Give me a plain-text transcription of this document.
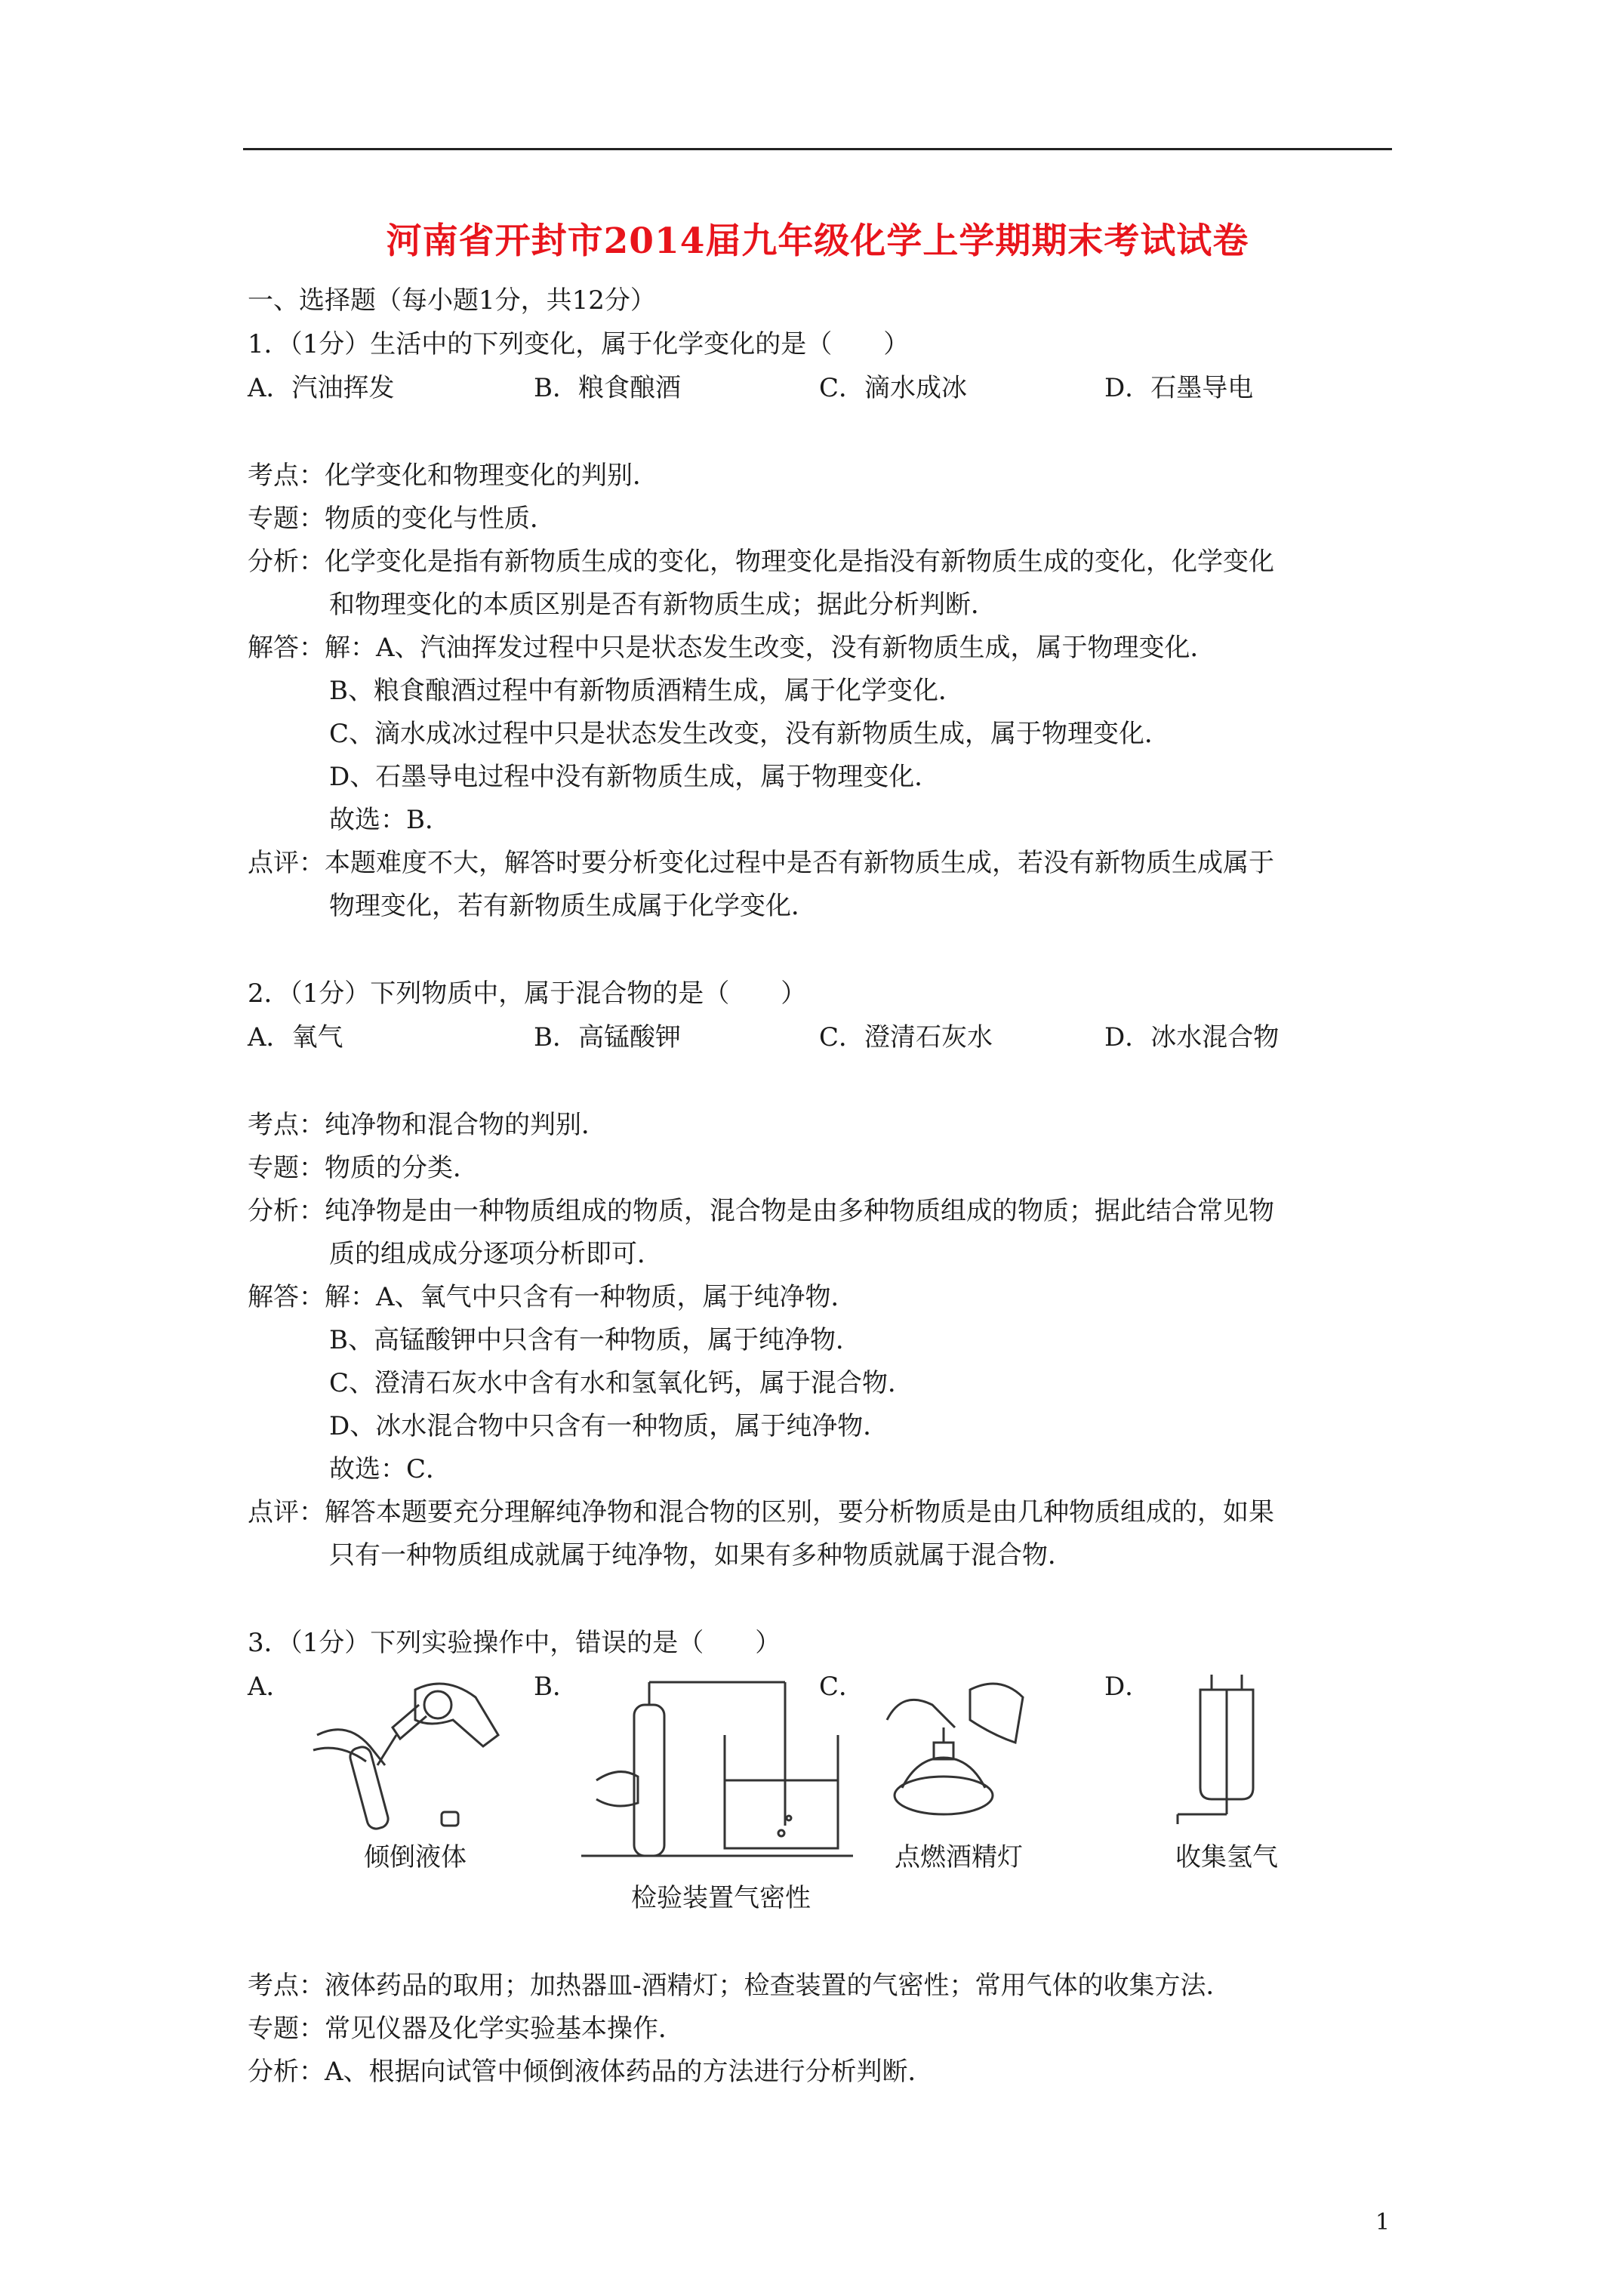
河南省开封市2014届九年级化学上学期期末考试试卷
一、选择题（每小题1分，共12分）
1．（1分）生活中的下列变化，属于化学变化的是（　　）
A．汽油挥发	B．粮食酿酒	C．滴水成冰	D．石墨导电
考点：化学变化和物理变化的判别．
专题：物质的变化与性质．
分析：化学变化是指有新物质生成的变化，物理变化是指没有新物质生成的变化，化学变化
和物理变化的本质区别是否有新物质生成；据此分析判断．
解答：解：A、汽油挥发过程中只是状态发生改变，没有新物质生成，属于物理变化．
B、粮食酿酒过程中有新物质酒精生成，属于化学变化．
C、滴水成冰过程中只是状态发生改变，没有新物质生成，属于物理变化．
D、石墨导电过程中没有新物质生成，属于物理变化．
故选：B．
点评：本题难度不大，解答时要分析变化过程中是否有新物质生成，若没有新物质生成属于
物理变化，若有新物质生成属于化学变化．
2．（1分）下列物质中，属于混合物的是（　　）
A．氧气	B．高锰酸钾	C．澄清石灰水	D．冰水混合物
考点：纯净物和混合物的判别．
专题：物质的分类．
分析：纯净物是由一种物质组成的物质，混合物是由多种物质组成的物质；据此结合常见物
质的组成成分逐项分析即可．
解答：解：A、氧气中只含有一种物质，属于纯净物．
B、高锰酸钾中只含有一种物质，属于纯净物．
C、澄清石灰水中含有水和氢氧化钙，属于混合物．
D、冰水混合物中只含有一种物质，属于纯净物．
故选：C．
点评：解答本题要充分理解纯净物和混合物的区别，要分析物质是由几种物质组成的，如果
只有一种物质组成就属于纯净物，如果有多种物质就属于混合物．
3．（1分）下列实验操作中，错误的是（　　）
A．	B．	C．	D．
倾倒液体
检验装置气密性
点燃酒精灯	收集氢气
考点：液体药品的取用；加热器皿-酒精灯；检查装置的气密性；常用气体的收集方法．
专题：常见仪器及化学实验基本操作．
分析：A、根据向试管中倾倒液体药品的方法进行分析判断．
1
